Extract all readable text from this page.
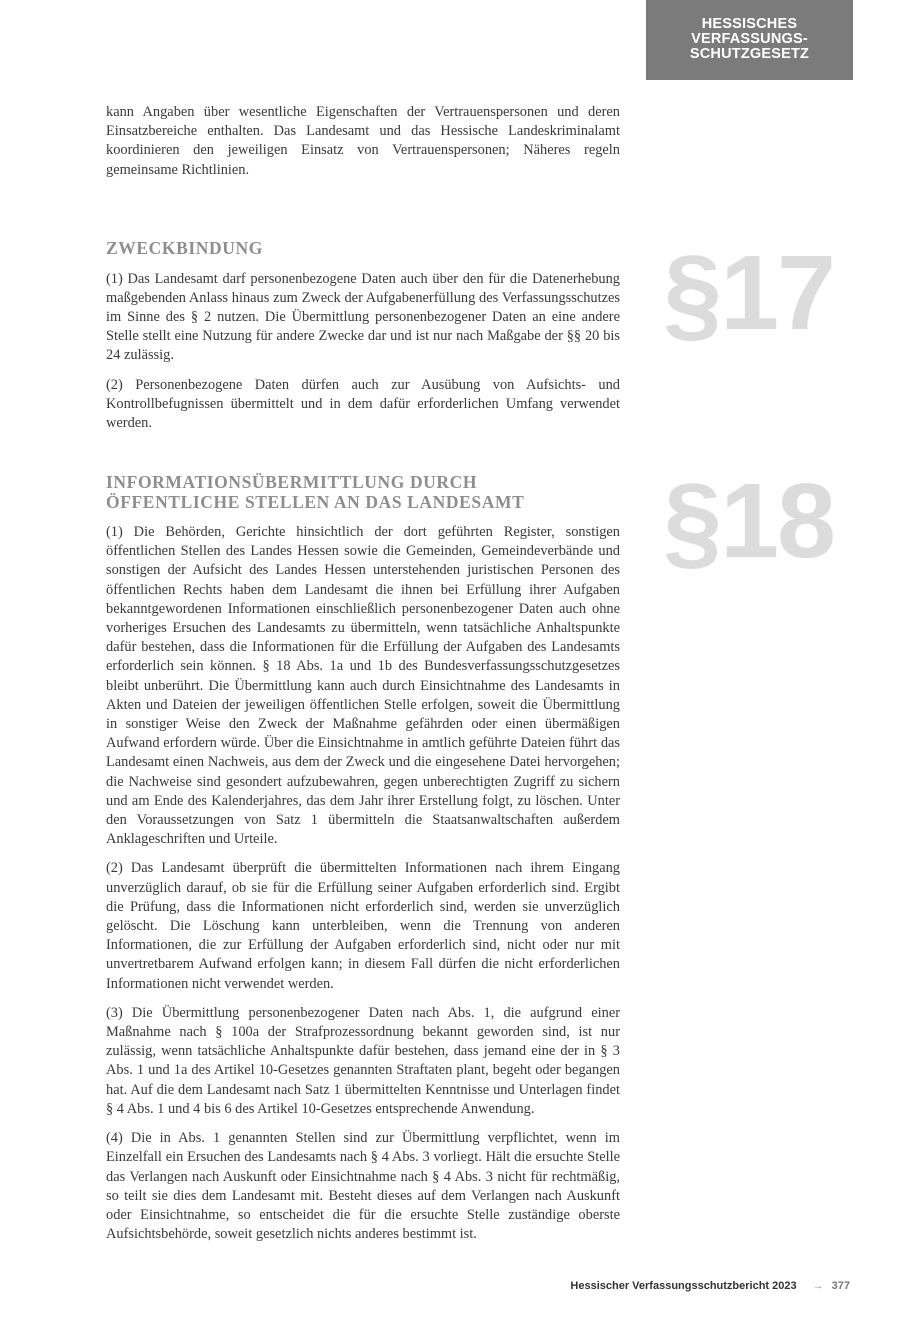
HESSISCHES
VERFASSUNGS-
SCHUTZGESETZ

kann Angaben über wesentliche Eigenschaften der Vertrauenspersonen und deren Einsatzbereiche enthalten. Das Landesamt und das Hessische Landeskriminalamt koordinieren den jeweiligen Einsatz von Vertrauenspersonen; Näheres regeln gemeinsame Richtlinien.

§17
ZWECKBINDUNG

(1) Das Landesamt darf personenbezogene Daten auch über den für die Datenerhebung maßgebenden Anlass hinaus zum Zweck der Aufgabenerfüllung des Verfassungsschutzes im Sinne des § 2 nutzen. Die Übermittlung personenbezogener Daten an eine andere Stelle stellt eine Nutzung für andere Zwecke dar und ist nur nach Maßgabe der §§ 20 bis 24 zulässig.

(2) Personenbezogene Daten dürfen auch zur Ausübung von Aufsichts- und Kontrollbefugnissen übermittelt und in dem dafür erforderlichen Umfang verwendet werden.

§18
INFORMATIONSÜBERMITTLUNG DURCH
ÖFFENTLICHE STELLEN AN DAS LANDESAMT

(1) Die Behörden, Gerichte hinsichtlich der dort geführten Register, sonstigen öffentlichen Stellen des Landes Hessen sowie die Gemeinden, Gemeindeverbände und sonstigen der Aufsicht des Landes Hessen unterstehenden juristischen Personen des öffentlichen Rechts haben dem Landesamt die ihnen bei Erfüllung ihrer Aufgaben bekanntgewordenen Informationen einschließlich personenbezogener Daten auch ohne vorheriges Ersuchen des Landesamts zu übermitteln, wenn tatsächliche Anhaltspunkte dafür bestehen, dass die Informationen für die Erfüllung der Aufgaben des Landesamts erforderlich sein können. § 18 Abs. 1a und 1b des Bundesverfassungsschutzgesetzes bleibt unberührt. Die Übermittlung kann auch durch Einsichtnahme des Landesamts in Akten und Dateien der jeweiligen öffentlichen Stelle erfolgen, soweit die Übermittlung in sonstiger Weise den Zweck der Maßnahme gefährden oder einen übermäßigen Aufwand erfordern würde. Über die Einsichtnahme in amtlich geführte Dateien führt das Landesamt einen Nachweis, aus dem der Zweck und die eingesehene Datei hervorgehen; die Nachweise sind gesondert aufzubewahren, gegen unberechtigten Zugriff zu sichern und am Ende des Kalenderjahres, das dem Jahr ihrer Erstellung folgt, zu löschen. Unter den Voraussetzungen von Satz 1 übermitteln die Staatsanwaltschaften außerdem Anklageschriften und Urteile.

(2) Das Landesamt überprüft die übermittelten Informationen nach ihrem Eingang unverzüglich darauf, ob sie für die Erfüllung seiner Aufgaben erforderlich sind. Ergibt die Prüfung, dass die Informationen nicht erforderlich sind, werden sie unverzüglich gelöscht. Die Löschung kann unterbleiben, wenn die Trennung von anderen Informationen, die zur Erfüllung der Aufgaben erforderlich sind, nicht oder nur mit unvertretbarem Aufwand erfolgen kann; in diesem Fall dürfen die nicht erforderlichen Informationen nicht verwendet werden.

(3) Die Übermittlung personenbezogener Daten nach Abs. 1, die aufgrund einer Maßnahme nach § 100a der Strafprozessordnung bekannt geworden sind, ist nur zulässig, wenn tatsächliche Anhaltspunkte dafür bestehen, dass jemand eine der in § 3 Abs. 1 und 1a des Artikel 10-Gesetzes genannten Straftaten plant, begeht oder begangen hat. Auf die dem Landesamt nach Satz 1 übermittelten Kenntnisse und Unterlagen findet § 4 Abs. 1 und 4 bis 6 des Artikel 10-Gesetzes entsprechende Anwendung.

(4) Die in Abs. 1 genannten Stellen sind zur Übermittlung verpflichtet, wenn im Einzelfall ein Ersuchen des Landesamts nach § 4 Abs. 3 vorliegt. Hält die ersuchte Stelle das Verlangen nach Auskunft oder Einsichtnahme nach § 4 Abs. 3 nicht für rechtmäßig, so teilt sie dies dem Landesamt mit. Besteht dieses auf dem Verlangen nach Auskunft oder Einsichtnahme, so entscheidet die für die ersuchte Stelle zuständige oberste Aufsichtsbehörde, soweit gesetzlich nichts anderes bestimmt ist.

Hessischer Verfassungsschutzbericht 2023 → 377
